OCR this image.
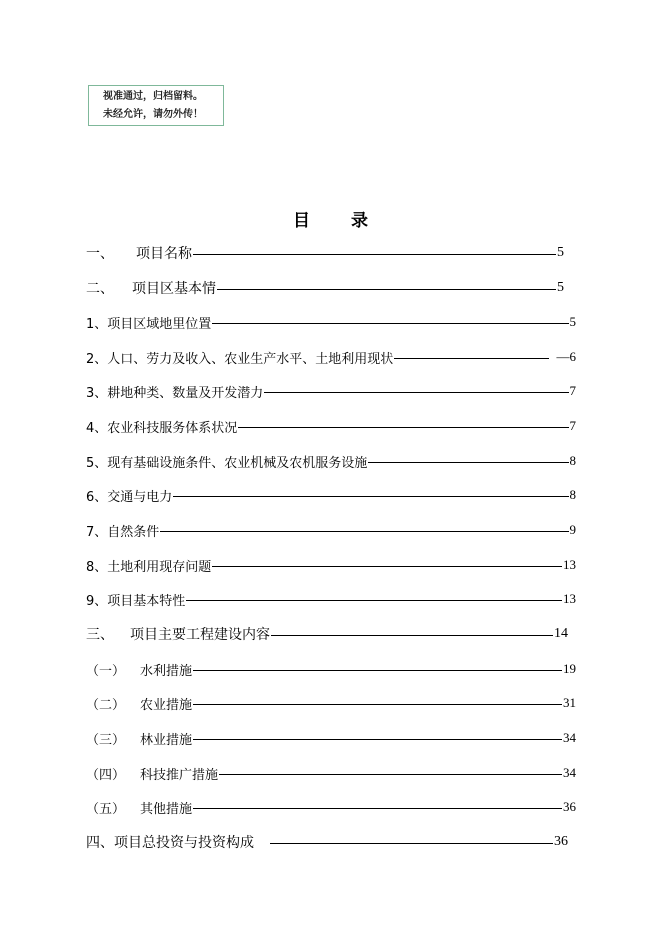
视准通过，归档留料。
未经允许，请勿外传！
目 录
一、	项目名称	5
二、	项目区基本情	5
1、 项目区域地里位置	5
2、 人口、劳力及收入、农业生产水平、土地利用现状	—6
3、 耕地种类、数量及开发潜力	7
4、 农业科技服务体系状况	7
5、 现有基础设施条件、农业机械及农机服务设施	8
6、 交通与电力	8
7、 自然条件	9
8、 土地利用现存问题	13
9、 项目基本特性	13
三、	项目主要工程建设内容	14
（一）	水利措施	19
（二）	农业措施	31
（三）	林业措施	34
（四）	科技推广措施	34
（五）	其他措施	36
四、 项目总投资与投资构成	36
